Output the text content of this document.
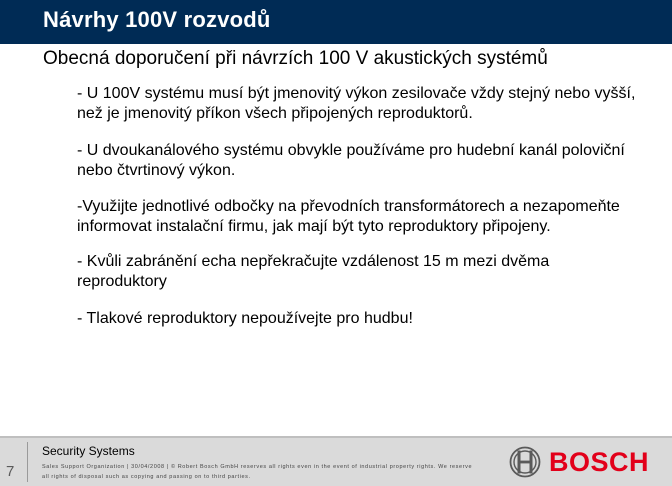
Návrhy 100V rozvodů
Obecná doporučení při návrzích 100 V akustických systémů
- U 100V systému musí být jmenovitý výkon zesilovače vždy stejný nebo vyšší, než je jmenovitý příkon všech připojených reproduktorů.
- U dvoukanálového systému obvykle používáme pro hudební kanál poloviční nebo čtvrtinový výkon.
-Využijte jednotlivé odbočky na převodních transformátorech a nezapomeňte informovat instalační firmu, jak mají být tyto reproduktory připojeny.
- Kvůli zabránění echa nepřekračujte vzdálenost 15 m mezi dvěma reproduktory
- Tlakové reproduktory nepoužívejte pro hudbu!
7
Security Systems
Sales Support Organization | 30/04/2008 | © Robert Bosch GmbH reserves all rights even in the event of industrial property rights. We reserve
all rights of disposal such as copying and passing on to third parties.	BOSCH
